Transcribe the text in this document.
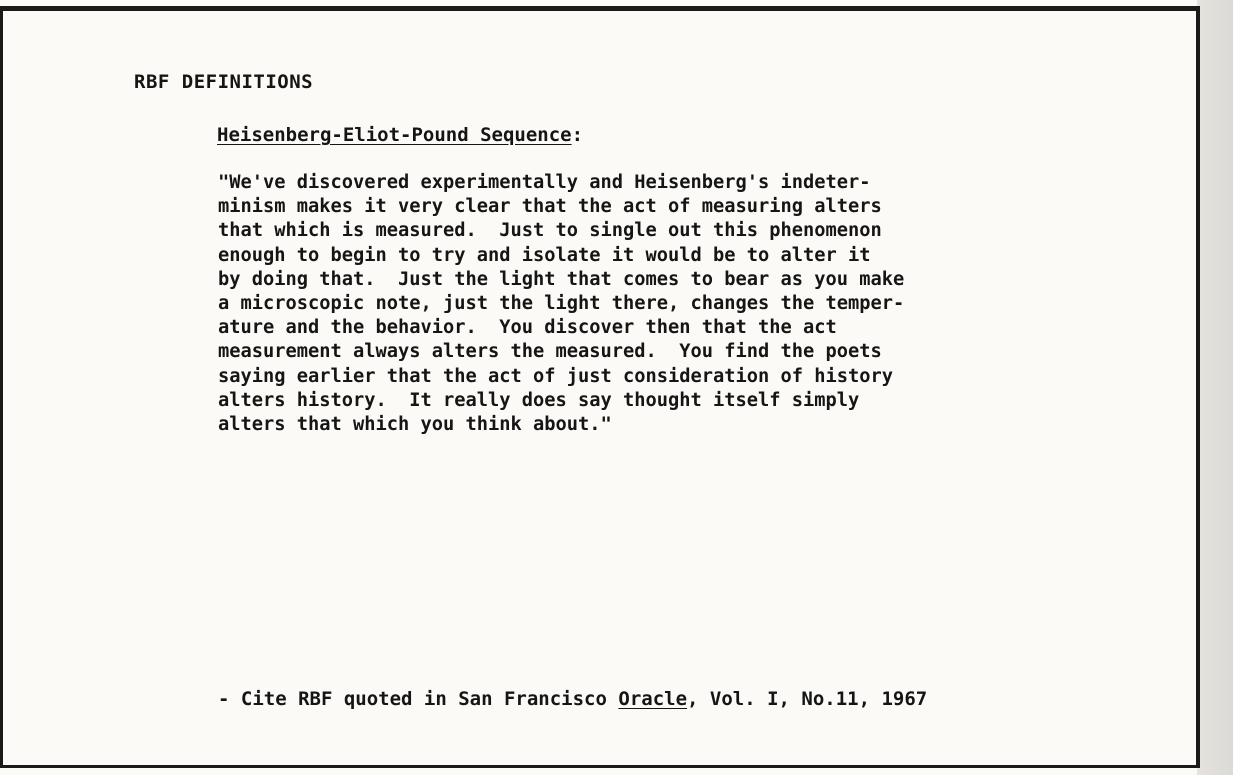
RBF DEFINITIONS
Heisenberg-Eliot-Pound Sequence:
"We've discovered experimentally and Heisenberg's indeter-
minism makes it very clear that the act of measuring alters
that which is measured.  Just to single out this phenomenon
enough to begin to try and isolate it would be to alter it
by doing that.  Just the light that comes to bear as you make
a microscopic note, just the light there, changes the temper-
ature and the behavior.  You discover then that the act
measurement always alters the measured.  You find the poets
saying earlier that the act of just consideration of history
alters history.  It really does say thought itself simply
alters that which you think about."
- Cite RBF quoted in San Francisco Oracle, Vol. I, No.11, 1967
